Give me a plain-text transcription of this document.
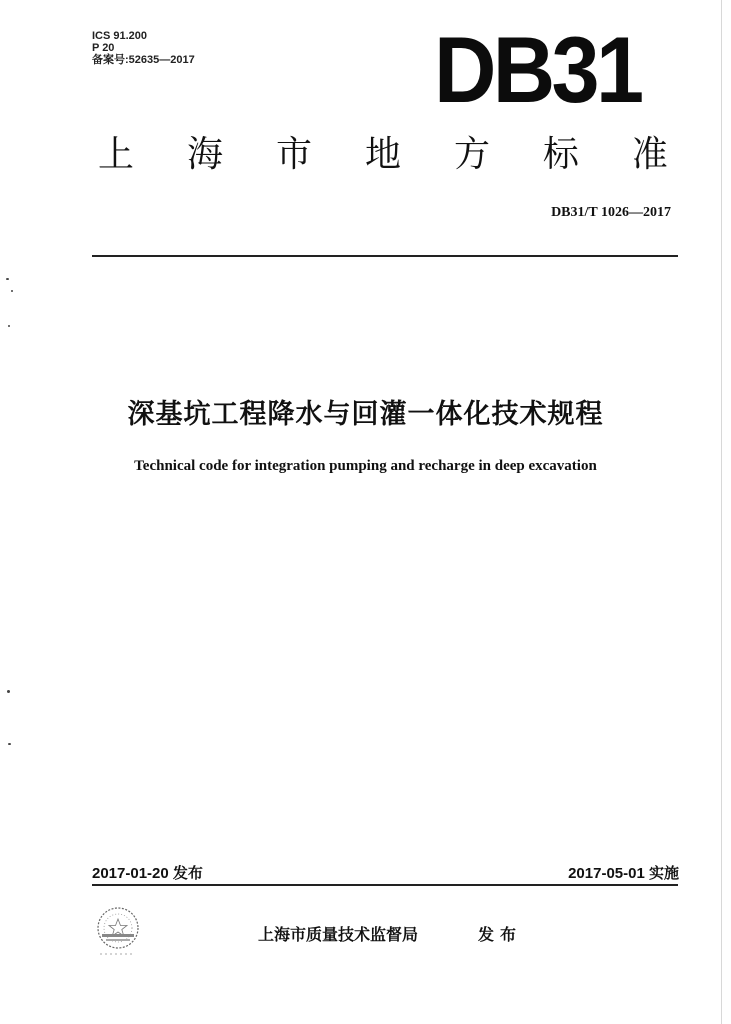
ICS 91.200
P 20
备案号:52635—2017	DB31
上 海 市 地 方 标 准
DB31/T 1026—2017
深基坑工程降水与回灌一体化技术规程
Technical code for integration pumping and recharge in deep excavation
2017-01-20 发布	2017-05-01 实施
上海市质量技术监督局	发布
